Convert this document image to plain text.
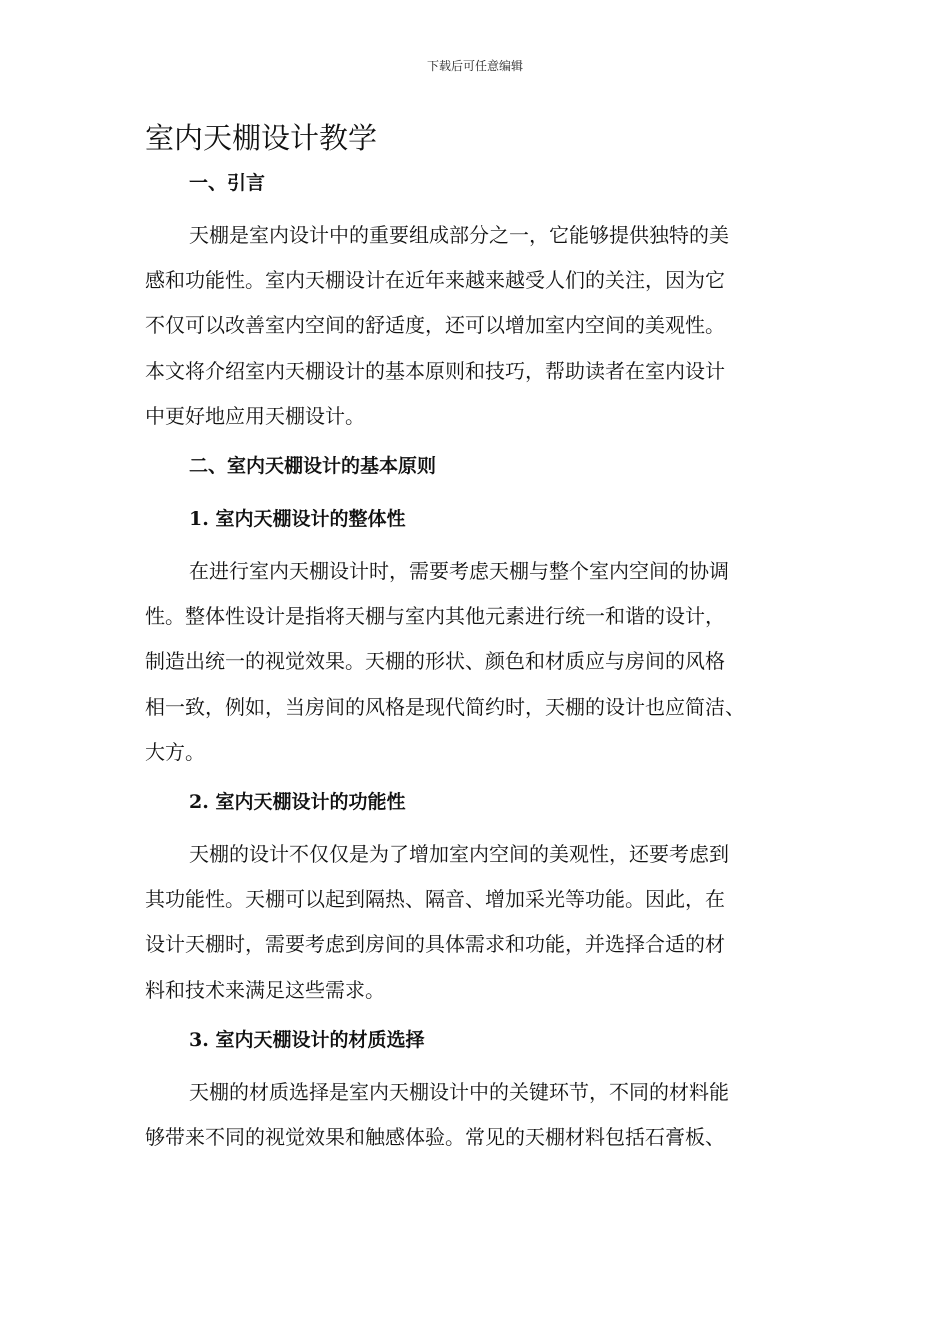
下载后可任意编辑
室内天棚设计教学
一、引言
天棚是室内设计中的重要组成部分之一，它能够提供独特的美
感和功能性。室内天棚设计在近年来越来越受人们的关注，因为它
不仅可以改善室内空间的舒适度，还可以增加室内空间的美观性。
本文将介绍室内天棚设计的基本原则和技巧，帮助读者在室内设计
中更好地应用天棚设计。
二、室内天棚设计的基本原则
1. 室内天棚设计的整体性
在进行室内天棚设计时，需要考虑天棚与整个室内空间的协调
性。整体性设计是指将天棚与室内其他元素进行统一和谐的设计，
制造出统一的视觉效果。天棚的形状、颜色和材质应与房间的风格
相一致，例如，当房间的风格是现代简约时，天棚的设计也应简洁、
大方。
2. 室内天棚设计的功能性
天棚的设计不仅仅是为了增加室内空间的美观性，还要考虑到
其功能性。天棚可以起到隔热、隔音、增加采光等功能。因此，在
设计天棚时，需要考虑到房间的具体需求和功能，并选择合适的材
料和技术来满足这些需求。
3. 室内天棚设计的材质选择
天棚的材质选择是室内天棚设计中的关键环节，不同的材料能
够带来不同的视觉效果和触感体验。常见的天棚材料包括石膏板、
